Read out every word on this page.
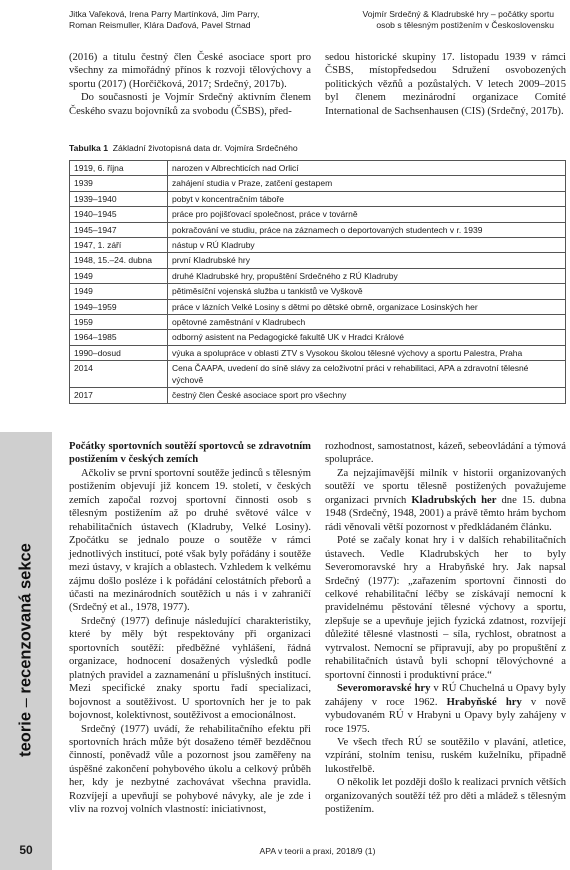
Jitka Vaľeková, Irena Parry Martínková, Jim Parry,
Roman Reismuller, Klára Daďová, Pavel Strnad
Vojmír Srdečný & Kladrubské hry – počátky sportu
osob s tělesným postižením v Československu

(2016) a titulu čestný člen České asociace sport pro všechny za mimořádný přínos k rozvoji tělovýchovy a sportu (2017) (Horčičková, 2017; Srdečný, 2017b).

Do současnosti je Vojmír Srdečný aktivním členem Českého svazu bojovníků za svobodu (ČSBS), před-

sedou historické skupiny 17. listopadu 1939 v rámci ČSBS, místopředsedou Sdružení osvobozených politických vězňů a pozůstalých. V letech 2009–2015 byl členem mezinárodní organizace Comité International de Sachsenhausen (CIS) (Srdečný, 2017b).

Tabulka 1 Základní životopisná data dr. Vojmíra Srdečného
1919, 6. října	narozen v Albrechticích nad Orlicí
1939	zahájení studia v Praze, zatčení gestapem
1939–1940	pobyt v koncentračním táboře
1940–1945	práce pro pojišťovací společnost, práce v továrně
1945–1947	pokračování ve studiu, práce na záznamech o deportovaných studentech v r. 1939
1947, 1. září	nástup v RÚ Kladruby
1948, 15.–24. dubna	první Kladrubské hry
1949	druhé Kladrubské hry, propuštění Srdečného z RÚ Kladruby
1949	pětiměsíční vojenská služba u tankistů ve Vyškově
1949–1959	práce v lázních Velké Losiny s dětmi po dětské obrně, organizace Losinských her
1959	opětovné zaměstnání v Kladrubech
1964–1985	odborný asistent na Pedagogické fakultě UK v Hradci Králové
1990–dosud	výuka a spolupráce v oblasti ZTV s Vysokou školou tělesné výchovy a sportu Palestra, Praha
2014	Cena ČAAPA, uvedení do síně slávy za celoživotní práci v rehabilitaci, APA a zdravotní tělesné výchově
2017	čestný člen České asociace sport pro všechny

Počátky sportovních soutěží sportovců se zdravotním postižením v českých zemích

Ačkoliv se první sportovní soutěže jedinců s tělesným postižením objevují již koncem 19. století, v českých zemích započal rozvoj sportovní činnosti osob s tělesným postižením až po druhé světové válce v rehabilitačních ústavech (Kladruby, Velké Losiny). Zpočátku se jednalo pouze o soutěže v rámci jednotlivých institucí, poté však byly pořádány i soutěže mezi ústavy, v krajích a oblastech. Vzhledem k velkému zájmu došlo posléze i k pořádání celostátních přeborů a účasti na mezinárodních soutěžích u nás i v zahraničí (Srdečný et al., 1978, 1977).

Srdečný (1977) definuje následující charakteristiky, které by měly být respektovány při organizaci sportovních soutěží: předběžné vyhlášení, řádná organizace, hodnocení dosažených výsledků podle platných pravidel a zaznamenání u příslušných institucí. Mezi specifické znaky sportu řadí specializaci, bojovnost a soutěživost. U sportovních her je to pak bojovnost, kolektivnost, soutěživost a emocionálnost.

Srdečný (1977) uvádí, že rehabilitačního efektu při sportovních hrách může být dosaženo téměř bezděčnou činností, poněvadž vůle a pozornost jsou zaměřeny na úspěšné zakončení pohybového úkolu a celkový průběh her, kdy je nezbytné zachovávat všechna pravidla. Rozvíjejí a upevňují se pohybové návyky, ale je zde i vliv na rozvoj volních vlastností: iniciativnost,

rozhodnost, samostatnost, kázeň, sebeovládání a týmová spolupráce.

Za nejzajímavější milník v historii organizovaných soutěží ve sportu tělesně postižených považujeme organizaci prvních Kladrubských her dne 15. dubna 1948 (Srdečný, 1948, 2001) a právě těmto hrám bychom rádi věnovali větší pozornost v předkládaném článku.

Poté se začaly konat hry i v dalších rehabilitačních ústavech. Vedle Kladrubských her to byly Severomoravské hry a Hrabyňské hry. Jak napsal Srdečný (1977): „zařazením sportovní činnosti do celkové rehabilitační léčby se získávají nemocní k pravidelnému pěstování tělesné výchovy a sportu, zlepšuje se a upevňuje jejich fyzická zdatnost, rozvíjejí důležité tělesné vlastnosti – síla, rychlost, obratnost a vytrvalost. Nemocní se připravují, aby po propuštění z rehabilitačních ústavů byli schopní tělovýchovné a sportovní činnosti i produktivní práce.“

Severomoravské hry v RÚ Chuchelná u Opavy byly zahájeny v roce 1962. Hrabyňské hry v nově vybudovaném RÚ v Hrabyni u Opavy byly zahájeny v roce 1975.

Ve všech třech RÚ se soutěžilo v plavání, atletice, vzpírání, stolním tenisu, ruském kuželníku, připadně lukostřelbě.

O několik let později došlo k realizaci prvních větších organizovaných soutěží též pro děti a mládež s tělesným postižením.

teorie – recenzovaná sekce
50	APA v teorii a praxi, 2018/9 (1)
